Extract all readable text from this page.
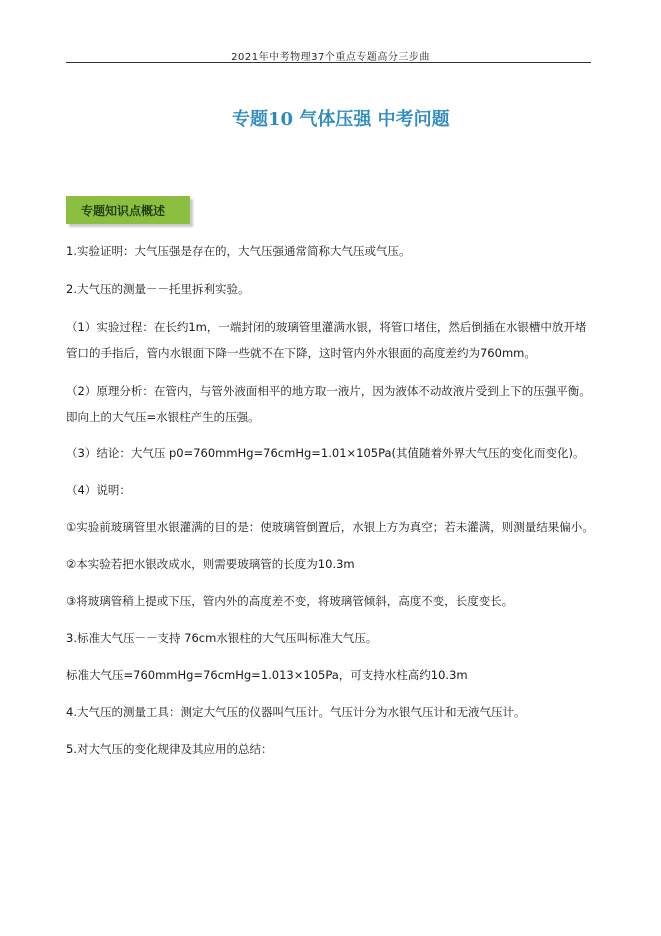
2021年中考物理37个重点专题高分三步曲
专题10 气体压强 中考问题
专题知识点概述
1.实验证明：大气压强是存在的，大气压强通常简称大气压或气压。
2.大气压的测量－－托里拆利实验。
（1）实验过程：在长约1m，一端封闭的玻璃管里灌满水银，将管口堵住，然后倒插在水银槽中放开堵管口的手指后，管内水银面下降一些就不在下降，这时管内外水银面的高度差约为760mm。
（2）原理分析：在管内，与管外液面相平的地方取一液片，因为液体不动故液片受到上下的压强平衡。即向上的大气压=水银柱产生的压强。
（3）结论：大气压 p0=760mmHg=76cmHg=1.01×105Pa(其值随着外界大气压的变化而变化)。
（4）说明：
①实验前玻璃管里水银灌满的目的是：使玻璃管倒置后，水银上方为真空；若未灌满，则测量结果偏小。
②本实验若把水银改成水，则需要玻璃管的长度为10.3m
③将玻璃管稍上提或下压，管内外的高度差不变，将玻璃管倾斜，高度不变，长度变长。
3.标准大气压－－支持 76cm水银柱的大气压叫标准大气压。
标准大气压=760mmHg=76cmHg=1.013×105Pa，可支持水柱高约10.3m
4.大气压的测量工具：测定大气压的仪器叫气压计。气压计分为水银气压计和无液气压计。
5.对大气压的变化规律及其应用的总结：
